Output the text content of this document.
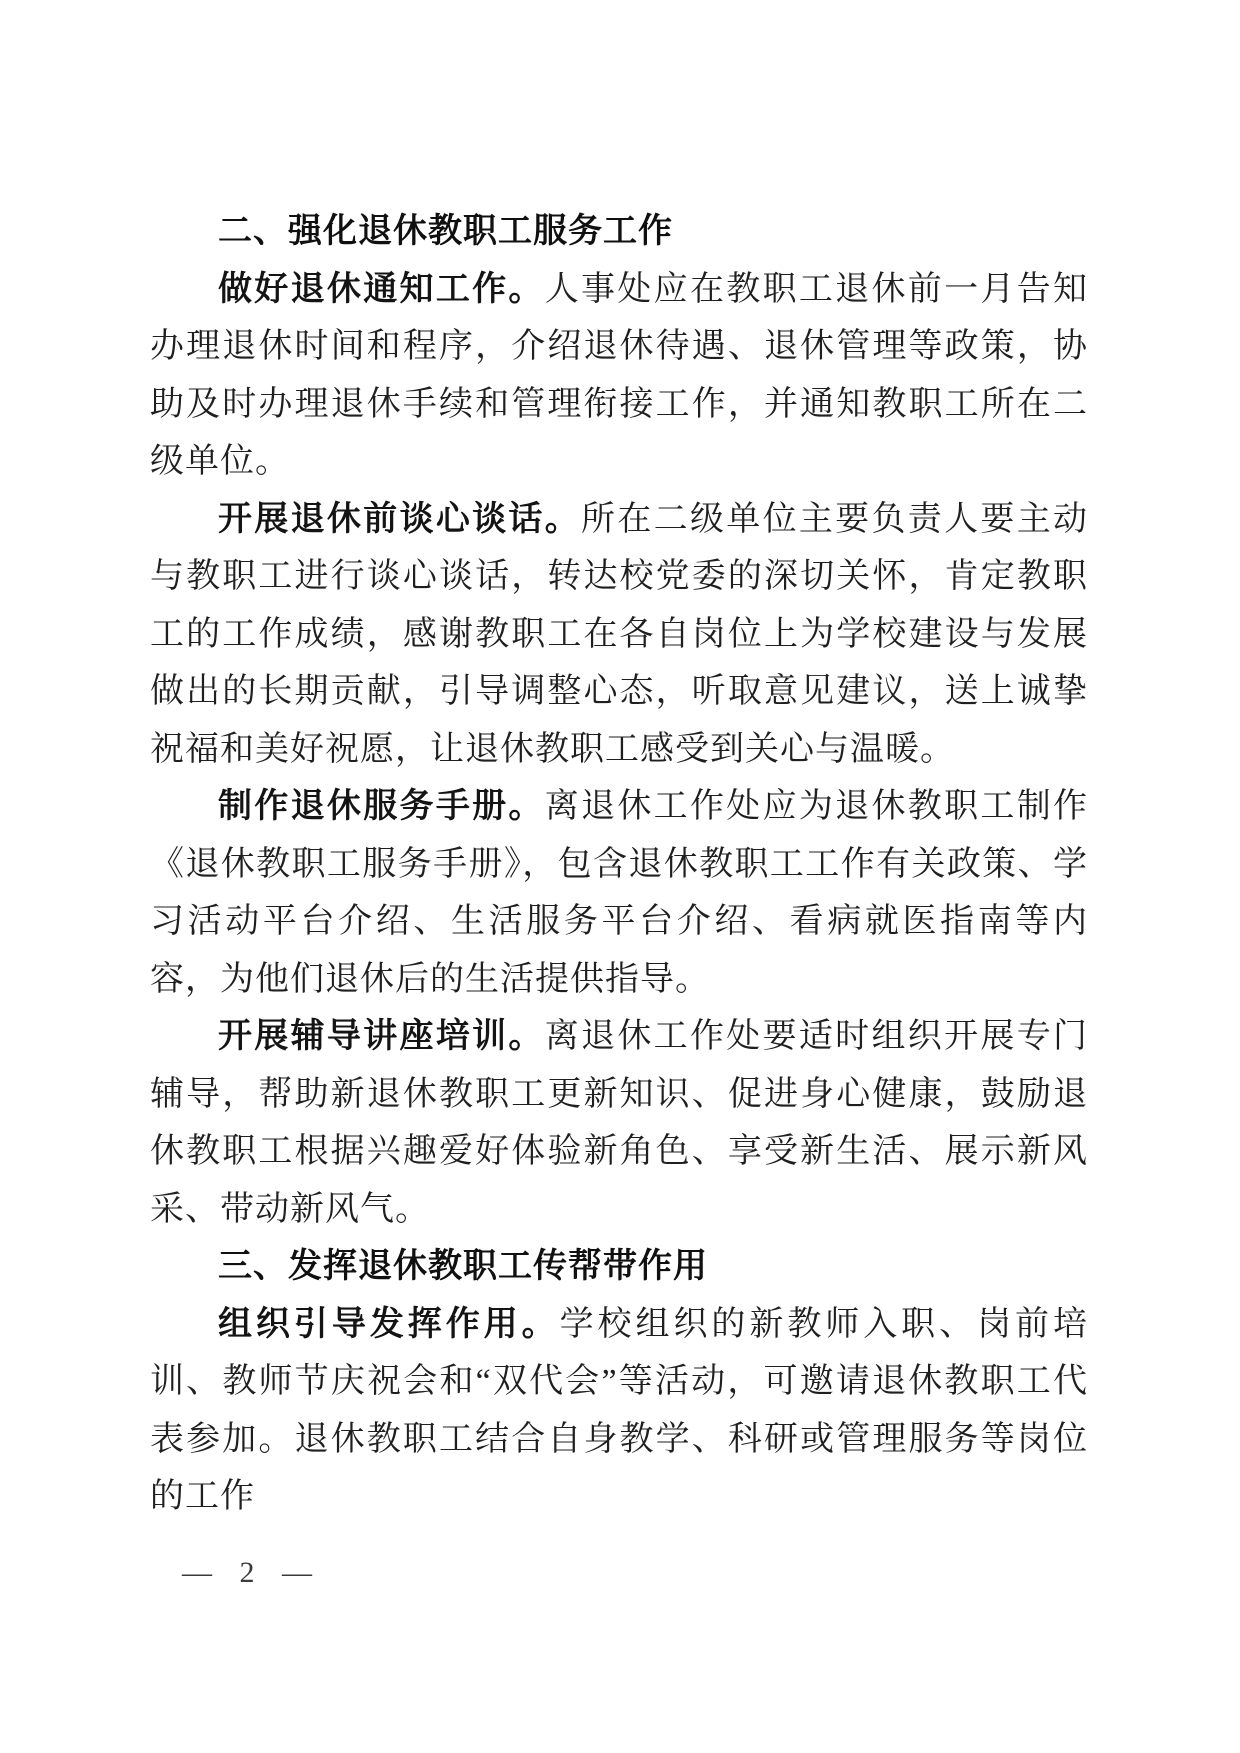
二、强化退休教职工服务工作

做好退休通知工作。人事处应在教职工退休前一月告知办理退休时间和程序，介绍退休待遇、退休管理等政策，协助及时办理退休手续和管理衔接工作，并通知教职工所在二级单位。

开展退休前谈心谈话。所在二级单位主要负责人要主动与教职工进行谈心谈话，转达校党委的深切关怀，肯定教职工的工作成绩，感谢教职工在各自岗位上为学校建设与发展做出的长期贡献，引导调整心态，听取意见建议，送上诚挚祝福和美好祝愿，让退休教职工感受到关心与温暖。

制作退休服务手册。离退休工作处应为退休教职工制作《退休教职工服务手册》，包含退休教职工工作有关政策、学习活动平台介绍、生活服务平台介绍、看病就医指南等内容，为他们退休后的生活提供指导。

开展辅导讲座培训。离退休工作处要适时组织开展专门辅导，帮助新退休教职工更新知识、促进身心健康，鼓励退休教职工根据兴趣爱好体验新角色、享受新生活、展示新风采、带动新风气。

三、发挥退休教职工传帮带作用

组织引导发挥作用。学校组织的新教师入职、岗前培训、教师节庆祝会和“双代会”等活动，可邀请退休教职工代表参加。退休教职工结合自身教学、科研或管理服务等岗位的工作

— 2 —
